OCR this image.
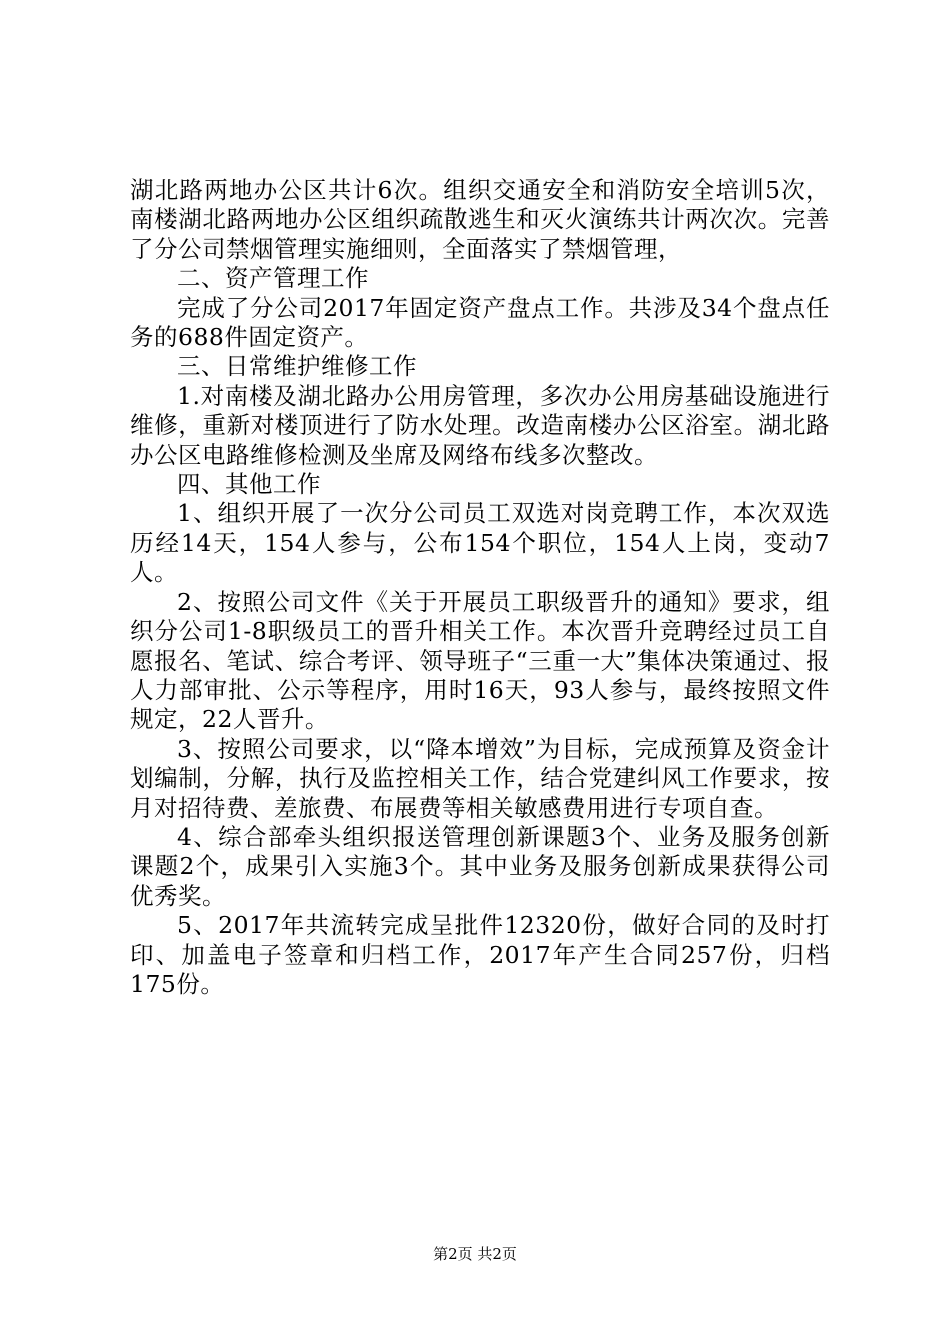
湖北路两地办公区共计6次。组织交通安全和消防安全培训5次，南楼湖北路两地办公区组织疏散逃生和灭火演练共计两次次。完善了分公司禁烟管理实施细则，全面落实了禁烟管理，

二、资产管理工作

完成了分公司2017年固定资产盘点工作。共涉及34个盘点任务的688件固定资产。

三、日常维护维修工作

1.对南楼及湖北路办公用房管理，多次办公用房基础设施进行维修，重新对楼顶进行了防水处理。改造南楼办公区浴室。湖北路办公区电路维修检测及坐席及网络布线多次整改。

四、其他工作

1、组织开展了一次分公司员工双选对岗竞聘工作，本次双选历经14天，154人参与，公布154个职位，154人上岗，变动7人。

2、按照公司文件《关于开展员工职级晋升的通知》要求，组织分公司1-8职级员工的晋升相关工作。本次晋升竞聘经过员工自愿报名、笔试、综合考评、领导班子“三重一大”集体决策通过、报人力部审批、公示等程序，用时16天，93人参与，最终按照文件规定，22人晋升。

3、按照公司要求，以“降本增效”为目标，完成预算及资金计划编制，分解，执行及监控相关工作，结合党建纠风工作要求，按月对招待费、差旅费、布展费等相关敏感费用进行专项自查。

4、综合部牵头组织报送管理创新课题3个、业务及服务创新课题2个，成果引入实施3个。其中业务及服务创新成果获得公司优秀奖。

5、2017年共流转完成呈批件12320份，做好合同的及时打印、加盖电子签章和归档工作，2017年产生合同257份，归档175份。

第2页 共2页
